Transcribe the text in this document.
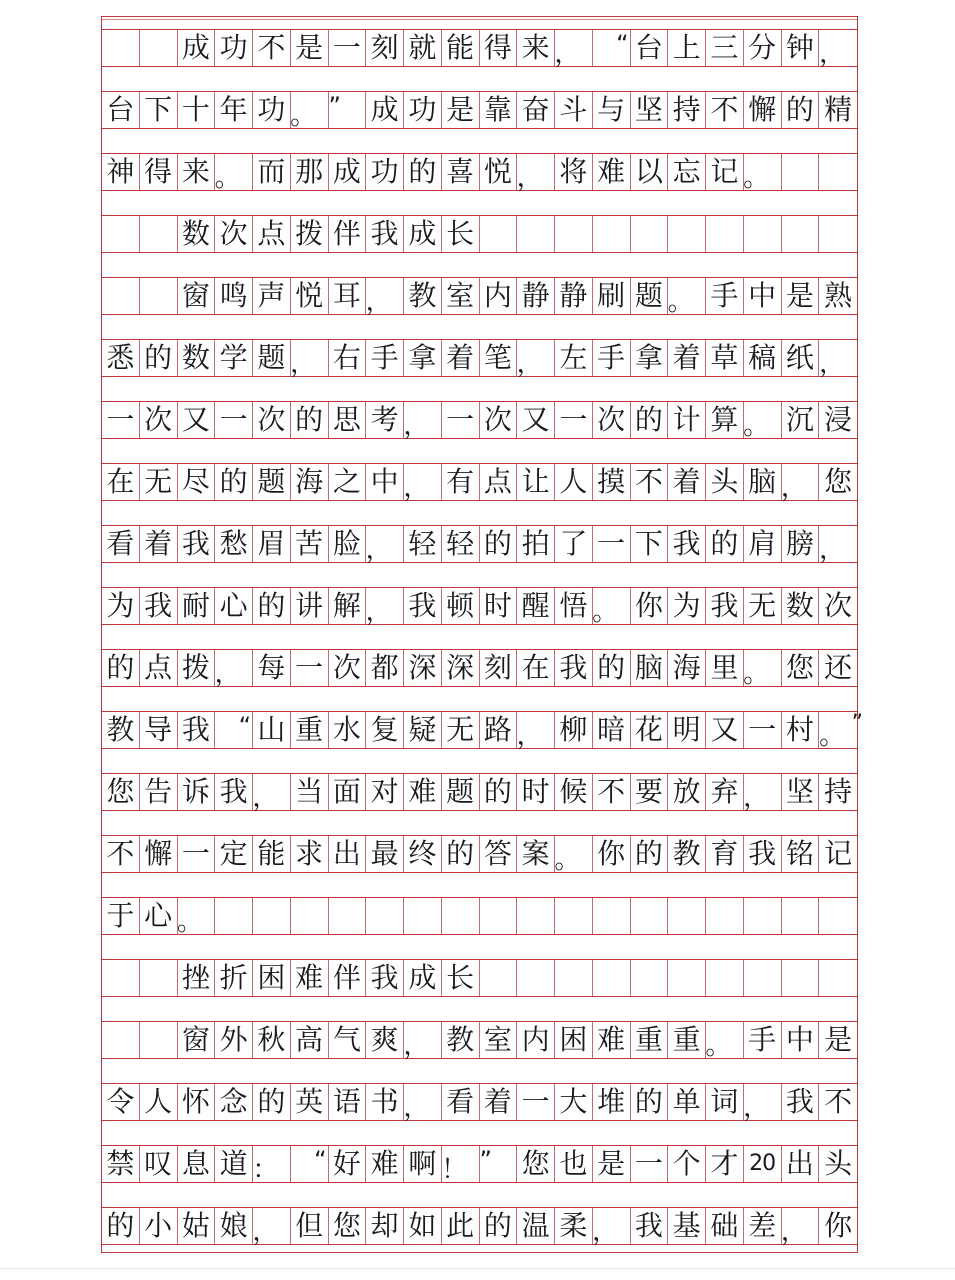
成 功 不 是 一 刻 就 能 得 来 ， “ 台 上 三 分 钟 ，
台 下 十 年 功 。 ” 成 功 是 靠 奋 斗 与 坚 持 不 懈 的 精
神 得 来 。 而 那 成 功 的 喜 悦 ， 将 难 以 忘 记 。
数 次 点 拨 伴 我 成 长
窗 鸣 声 悦 耳 ， 教 室 内 静 静 刷 题 。 手 中 是 熟
悉 的 数 学 题 ， 右 手 拿 着 笔 ， 左 手 拿 着 草 稿 纸 ，
一 次 又 一 次 的 思 考 ， 一 次 又 一 次 的 计 算 。 沉 浸
在 无 尽 的 题 海 之 中 ， 有 点 让 人 摸 不 着 头 脑 ， 您
看 着 我 愁 眉 苦 脸 ， 轻 轻 的 拍 了 一 下 我 的 肩 膀 ，
为 我 耐 心 的 讲 解 ， 我 顿 时 醒 悟 。 你 为 我 无 数 次
的 点 拨 ， 每 一 次 都 深 深 刻 在 我 的 脑 海 里 。 您 还
教 导 我 “ 山 重 水 复 疑 无 路 ， 柳 暗 花 明 又 一 村 。 ”
您 告 诉 我 ， 当 面 对 难 题 的 时 候 不 要 放 弃 ， 坚 持
不 懈 一 定 能 求 出 最 终 的 答 案 。 你 的 教 育 我 铭 记
于 心 。
挫 折 困 难 伴 我 成 长
窗 外 秋 高 气 爽 ， 教 室 内 困 难 重 重 。 手 中 是
令 人 怀 念 的 英 语 书 ， 看 着 一 大 堆 的 单 词 ， 我 不
禁 叹 息 道 ： “ 好 难 啊 ！ ” 您 也 是 一 个 才 20 出 头
的 小 姑 娘 ， 但 您 却 如 此 的 温 柔 ， 我 基 础 差 ， 你
